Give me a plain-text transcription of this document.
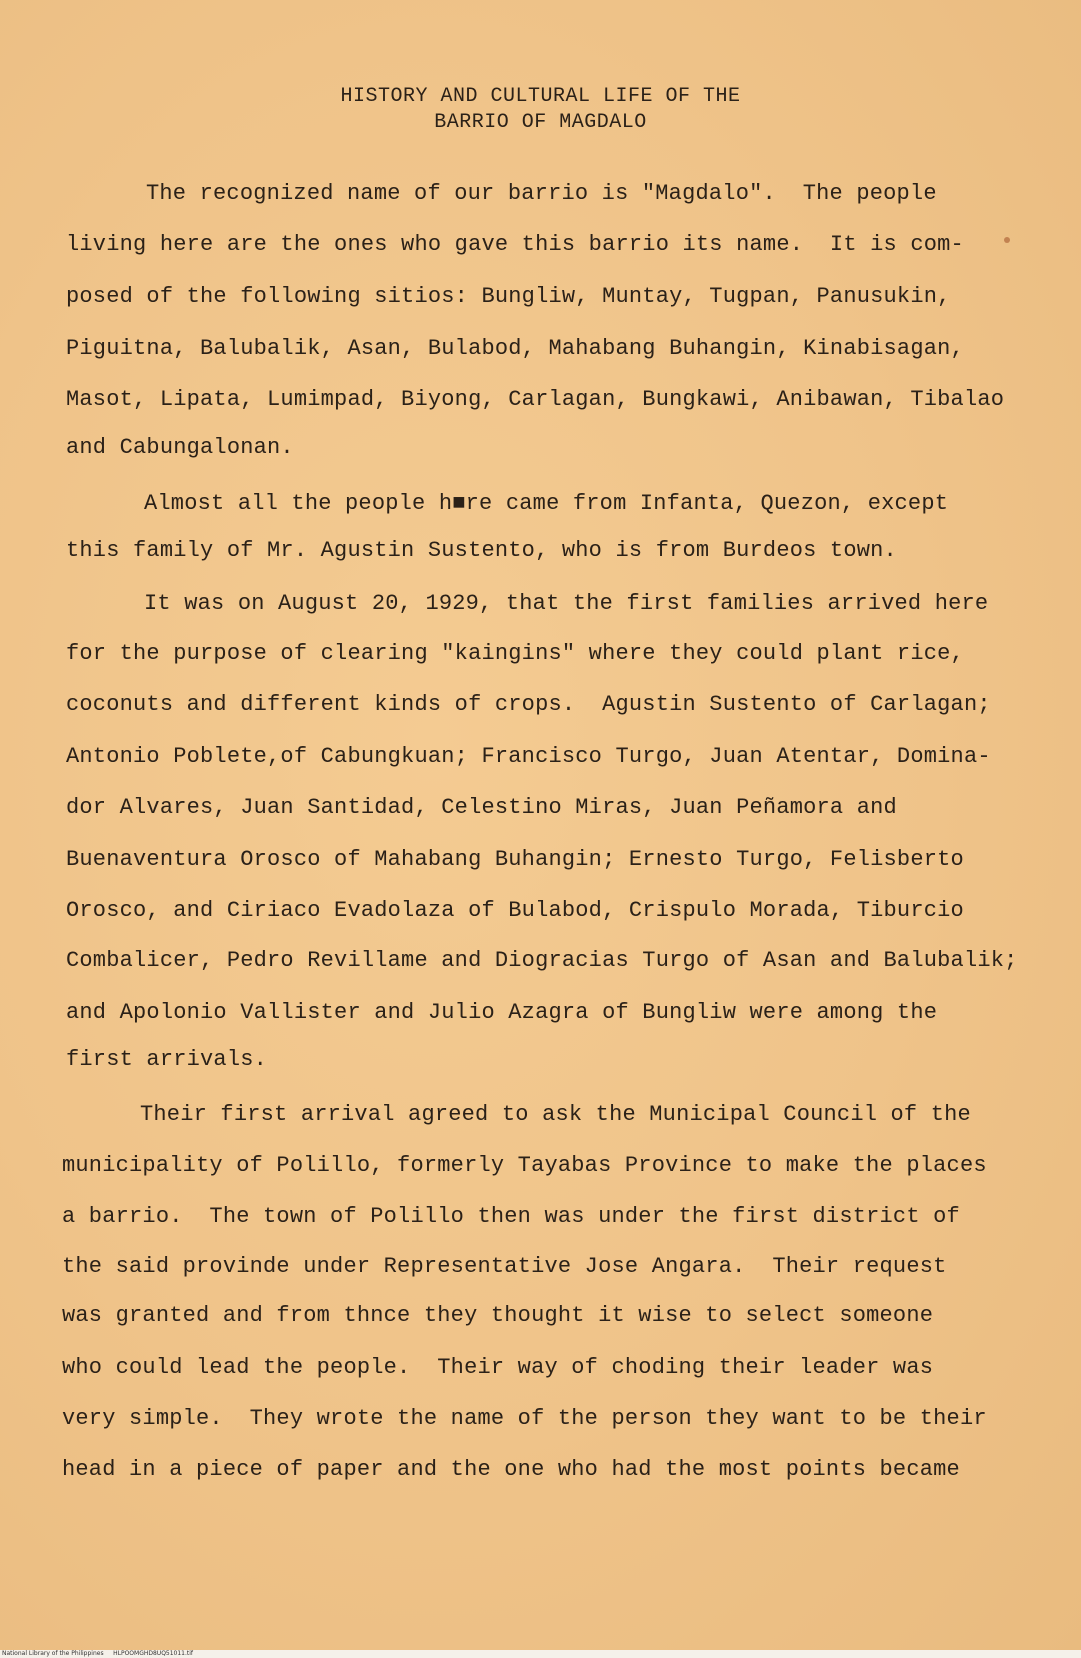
HISTORY AND CULTURAL LIFE OF THE
BARRIO OF MAGDALO
The recognized name of our barrio is "Magdalo".  The people
living here are the ones who gave this barrio its name.  It is com-
posed of the following sitios: Bungliw, Muntay, Tugpan, Panusukin,
Piguitna, Balubalik, Asan, Bulabod, Mahabang Buhangin, Kinabisagan,
Masot, Lipata, Lumimpad, Biyong, Carlagan, Bungkawi, Anibawan, Tibalao
and Cabungalonan.
Almost all the people h■re came from Infanta, Quezon, except
this family of Mr. Agustin Sustento, who is from Burdeos town.
It was on August 20, 1929, that the first families arrived here
for the purpose of clearing "kaingins" where they could plant rice,
coconuts and different kinds of crops.  Agustin Sustento of Carlagan;
Antonio Poblete,of Cabungkuan; Francisco Turgo, Juan Atentar, Domina-
dor Alvares, Juan Santidad, Celestino Miras, Juan Peñamora and
Buenaventura Orosco of Mahabang Buhangin; Ernesto Turgo, Felisberto
Orosco, and Ciriaco Evadolaza of Bulabod, Crispulo Morada, Tiburcio
Combalicer, Pedro Revillame and Diogracias Turgo of Asan and Balubalik;
and Apolonio Vallister and Julio Azagra of Bungliw were among the
first arrivals.
Their first arrival agreed to ask the Municipal Council of the
municipality of Polillo, formerly Tayabas Province to make the places
a barrio.  The town of Polillo then was under the first district of
the said provinde under Representative Jose Angara.  Their request
was granted and from thnce they thought it wise to select someone
who could lead the people.  Their way of choding their leader was
very simple.  They wrote the name of the person they want to be their
head in a piece of paper and the one who had the most points became
National Library of the Philippines     HLPOOMGHD8UQ51011.tif
